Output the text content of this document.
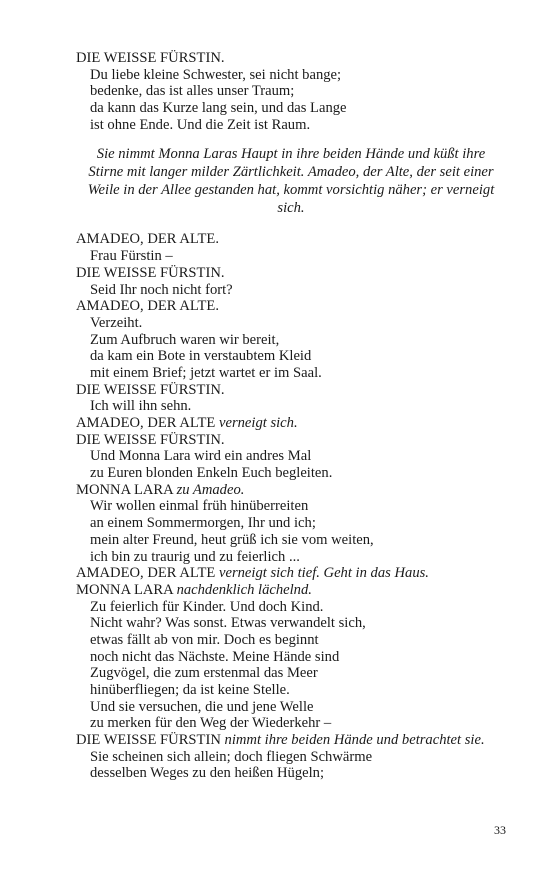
DIE WEISSE FÜRSTIN.
Du liebe kleine Schwester, sei nicht bange;
bedenke, das ist alles unser Traum;
da kann das Kurze lang sein, und das Lange
ist ohne Ende. Und die Zeit ist Raum.
Sie nimmt Monna Laras Haupt in ihre beiden Hände und küßt ihre
Stirne mit langer milder Zärtlichkeit. Amadeo, der Alte, der seit einer
Weile in der Allee gestanden hat, kommt vorsichtig näher; er verneigt
sich.
AMADEO, DER ALTE.
Frau Fürstin –
DIE WEISSE FÜRSTIN.
Seid Ihr noch nicht fort?
AMADEO, DER ALTE.
Verzeiht.
Zum Aufbruch waren wir bereit,
da kam ein Bote in verstaubtem Kleid
mit einem Brief; jetzt wartet er im Saal.
DIE WEISSE FÜRSTIN.
Ich will ihn sehn.
AMADEO, DER ALTE verneigt sich.
DIE WEISSE FÜRSTIN.
Und Monna Lara wird ein andres Mal
zu Euren blonden Enkeln Euch begleiten.
MONNA LARA zu Amadeo.
Wir wollen einmal früh hinüberreiten
an einem Sommermorgen, Ihr und ich;
mein alter Freund, heut grüß ich sie vom weiten,
ich bin zu traurig und zu feierlich ...
AMADEO, DER ALTE verneigt sich tief. Geht in das Haus.
MONNA LARA nachdenklich lächelnd.
Zu feierlich für Kinder. Und doch Kind.
Nicht wahr? Was sonst. Etwas verwandelt sich,
etwas fällt ab von mir. Doch es beginnt
noch nicht das Nächste. Meine Hände sind
Zugvögel, die zum erstenmal das Meer
hinüberfliegen; da ist keine Stelle.
Und sie versuchen, die und jene Welle
zu merken für den Weg der Wiederkehr –
DIE WEISSE FÜRSTIN nimmt ihre beiden Hände und betrachtet sie.
Sie scheinen sich allein; doch fliegen Schwärme
desselben Weges zu den heißen Hügeln;
33
